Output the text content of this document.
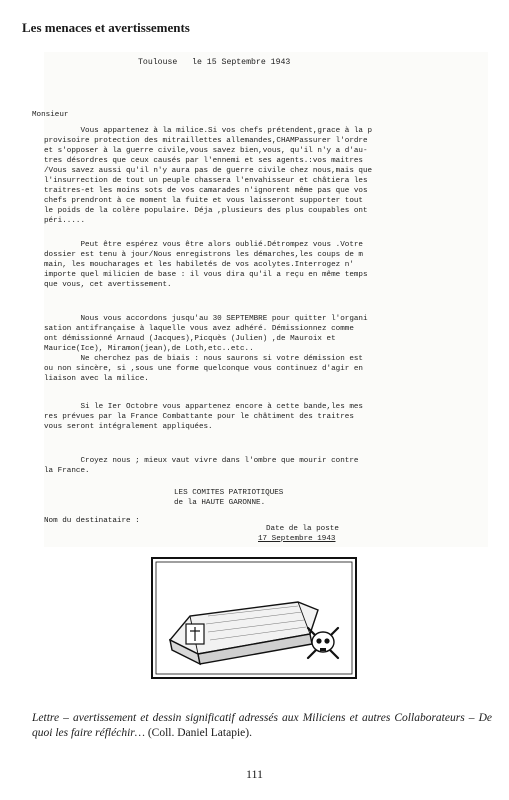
Les menaces et avertissements
Toulouse   le 15 Septembre 1943
Monsieur
Vous appartenez à la milice.Si vos chefs prétendent,grace à la p
provisoire protection des mitraillettes allemandes,CHAMPassurer l'ordre
et s'opposer à la guerre civile,vous savez bien,vous, qu'il n'y a d'au-
tres désordres que ceux causés par l'ennemi et ses agents.:vos maitres
/Vous savez aussi qu'il n'y aura pas de guerre civile chez nous,mais que
l'insurrection de tout un peuple chassera l'envahisseur et châtiera les
traitres-et les moins sots de vos camarades n'ignorent même pas que vos
chefs prendront à ce moment la fuite et vous laisseront supporter tout
le poids de la colère populaire. Déja ,plusieurs des plus coupables ont
péri.....
Peut être espérez vous être alors oublié.Détrompez vous .Votre
dossier est tenu à jour/Nous enregistrons les démarches,les coups de m
main, les moucharages et les habiletés de vos acolytes.Interrogez n'
importe quel milicien de base : il vous dira qu'il a reçu en même temps
que vous, cet avertissement.
Nous vous accordons jusqu'au 30 SEPTEMBRE pour quitter l'organi
sation antifrançaise à laquelle vous avez adhéré. Démissionnez comme
ont démissionné Arnaud (Jacques),Picquès (Julien) ,de Mauroix et
Maurice(Ice), Miramon(jean),de Loth,etc..etc..
Ne cherchez pas de biais : nous saurons si votre démission est
ou non sincère, si ,sous une forme quelconque vous continuez d'agir en
liaison avec la milice.
Si le Ier Octobre vous appartenez encore à cette bande,les mes
res prévues par la France Combattante pour le châtiment des traitres
vous seront intégralement appliquées.
Croyez nous ; mieux vaut vivre dans l'ombre que mourir contre
la France.
LES COMITES PATRIOTIQUES
de la HAUTE GARONNE.
Date de la poste
17 Septembre 1943
Nom du destinataire :
Lettre – avertissement et dessin significatif adressés aux Miliciens et autres Collaborateurs – De quoi les faire réfléchir… (Coll. Daniel Latapie).
111
